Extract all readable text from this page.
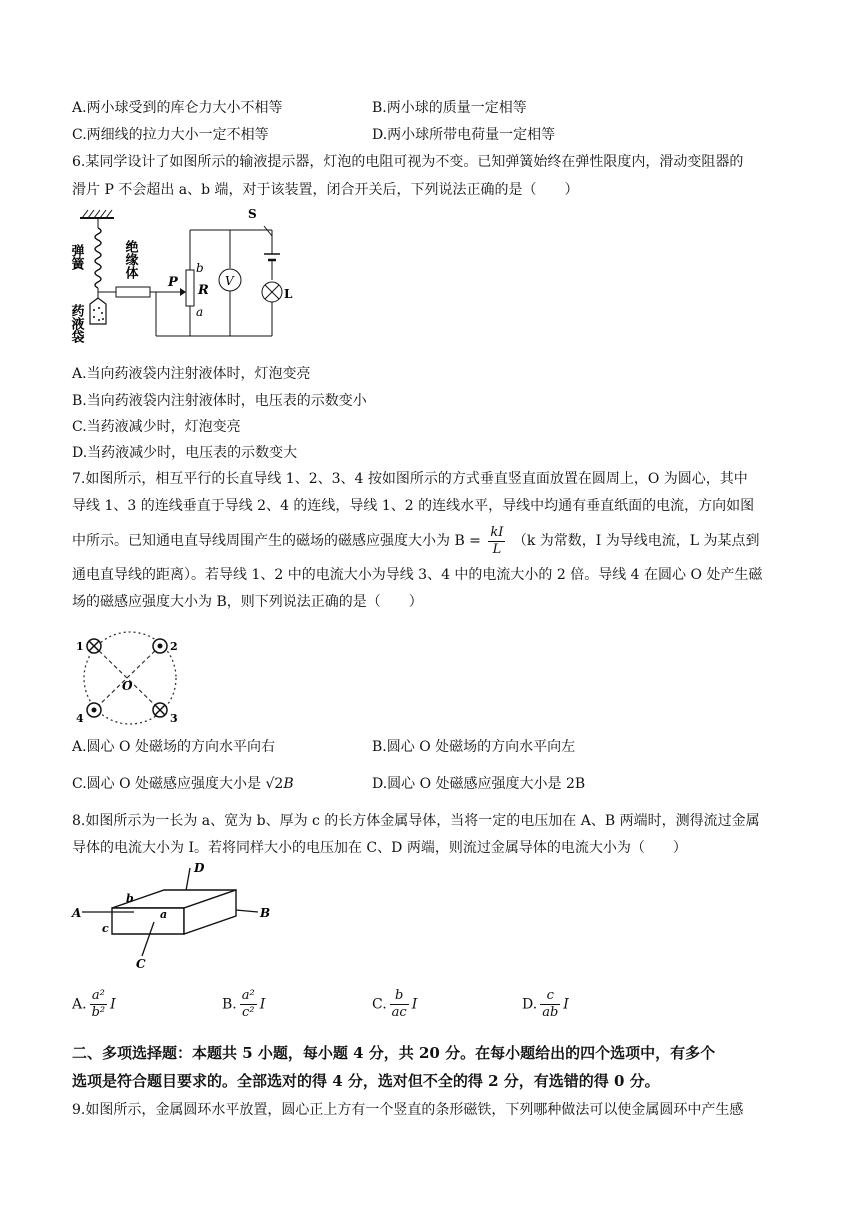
A.两小球受到的库仑力大小不相等	B.两小球的质量一定相等
C.两细线的拉力大小一定不相等	D.两小球所带电荷量一定相等
6.某同学设计了如图所示的输液提示器，灯泡的电阻可视为不变。已知弹簧始终在弹性限度内，滑动变阻器的
滑片 P 不会超出 a、b 端，对于该装置，闭合开关后，下列说法正确的是（　　）
弹簧	绝缘体
药液袋
P
b
R
a
V
S
L
A.当向药液袋内注射液体时，灯泡变亮
B.当向药液袋内注射液体时，电压表的示数变小
C.当药液减少时，灯泡变亮
D.当药液减少时，电压表的示数变大
7.如图所示，相互平行的长直导线 1、2、3、4 按如图所示的方式垂直竖直面放置在圆周上，O 为圆心，其中
导线 1、3 的连线垂直于导线 2、4 的连线，导线 1、2 的连线水平，导线中均通有垂直纸面的电流，方向如图
中所示。已知通电直导线周围产生的磁场的磁感应强度大小为 $B = \frac{kI}{L} (k$ 为常数，I 为导线电流，L 为某点到
通电直导线的距离）。若导线 1、2 中的电流大小为导线 3、4 中的电流大小的 2 倍。导线 4 在圆心 O 处产生磁
场的磁感应强度大小为 B，则下列说法正确的是（　　）
1	2
3
4
O
A.圆心 O 处磁场的方向水平向右	B.圆心 O 处磁场的方向水平向左
C.圆心 O 处磁感应强度大小是 √2B	D.圆心 O 处磁感应强度大小是 2B
8.如图所示为一长为 a、宽为 b、厚为 c 的长方体金属导体，当将一定的电压加在 A、B 两端时，测得流过金属
导体的电流大小为 I。若将同样大小的电压加在 C、D 两端，则流过金属导体的电流大小为（　　）
A	B
C
D
a
b
c
A. $\frac{\text{a²}}{\text{b²}}$ I	B. $\frac{\text{a²}}{\text{c²}}$ I	C. $\frac{b}{ac}$ I	D. $\frac{c}{ab}$ I
二、多项选择题：本题共 5 小题，每小题 4 分，共 20 分。在每小题给出的四个选项中，有多个
选项是符合题目要求的。全部选对的得 4 分，选对但不全的得 2 分，有选错的得 0 分。
9.如图所示，金属圆环水平放置，圆心正上方有一个竖直的条形磁铁，下列哪种做法可以使金属圆环中产生感
